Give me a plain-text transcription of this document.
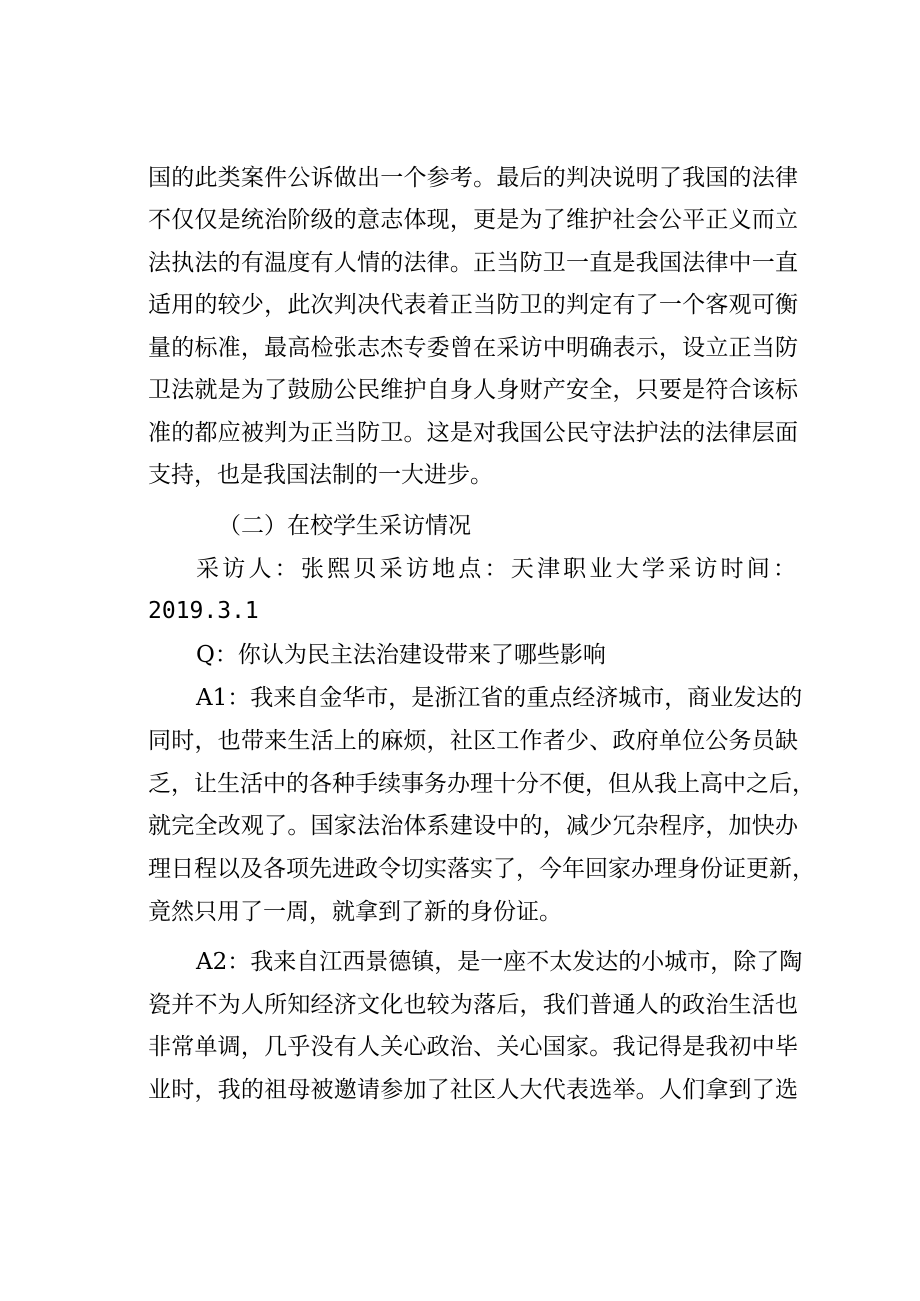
国的此类案件公诉做出一个参考。最后的判决说明了我国的法律
不仅仅是统治阶级的意志体现，更是为了维护社会公平正义而立
法执法的有温度有人情的法律。正当防卫一直是我国法律中一直
适用的较少，此次判决代表着正当防卫的判定有了一个客观可衡
量的标准，最高检张志杰专委曾在采访中明确表示，设立正当防
卫法就是为了鼓励公民维护自身人身财产安全，只要是符合该标
准的都应被判为正当防卫。这是对我国公民守法护法的法律层面
支持，也是我国法制的一大进步。
（二）在校学生采访情况
采访人：张熙贝采访地点：天津职业大学采访时间：
2019.3.1
Q：你认为民主法治建设带来了哪些影响
A1：我来自金华市，是浙江省的重点经济城市，商业发达的
同时，也带来生活上的麻烦，社区工作者少、政府单位公务员缺
乏，让生活中的各种手续事务办理十分不便，但从我上高中之后，
就完全改观了。国家法治体系建设中的，减少冗杂程序，加快办
理日程以及各项先进政令切实落实了，今年回家办理身份证更新，
竟然只用了一周，就拿到了新的身份证。
A2：我来自江西景德镇，是一座不太发达的小城市，除了陶
瓷并不为人所知经济文化也较为落后，我们普通人的政治生活也
非常单调，几乎没有人关心政治、关心国家。我记得是我初中毕
业时，我的祖母被邀请参加了社区人大代表选举。人们拿到了选
